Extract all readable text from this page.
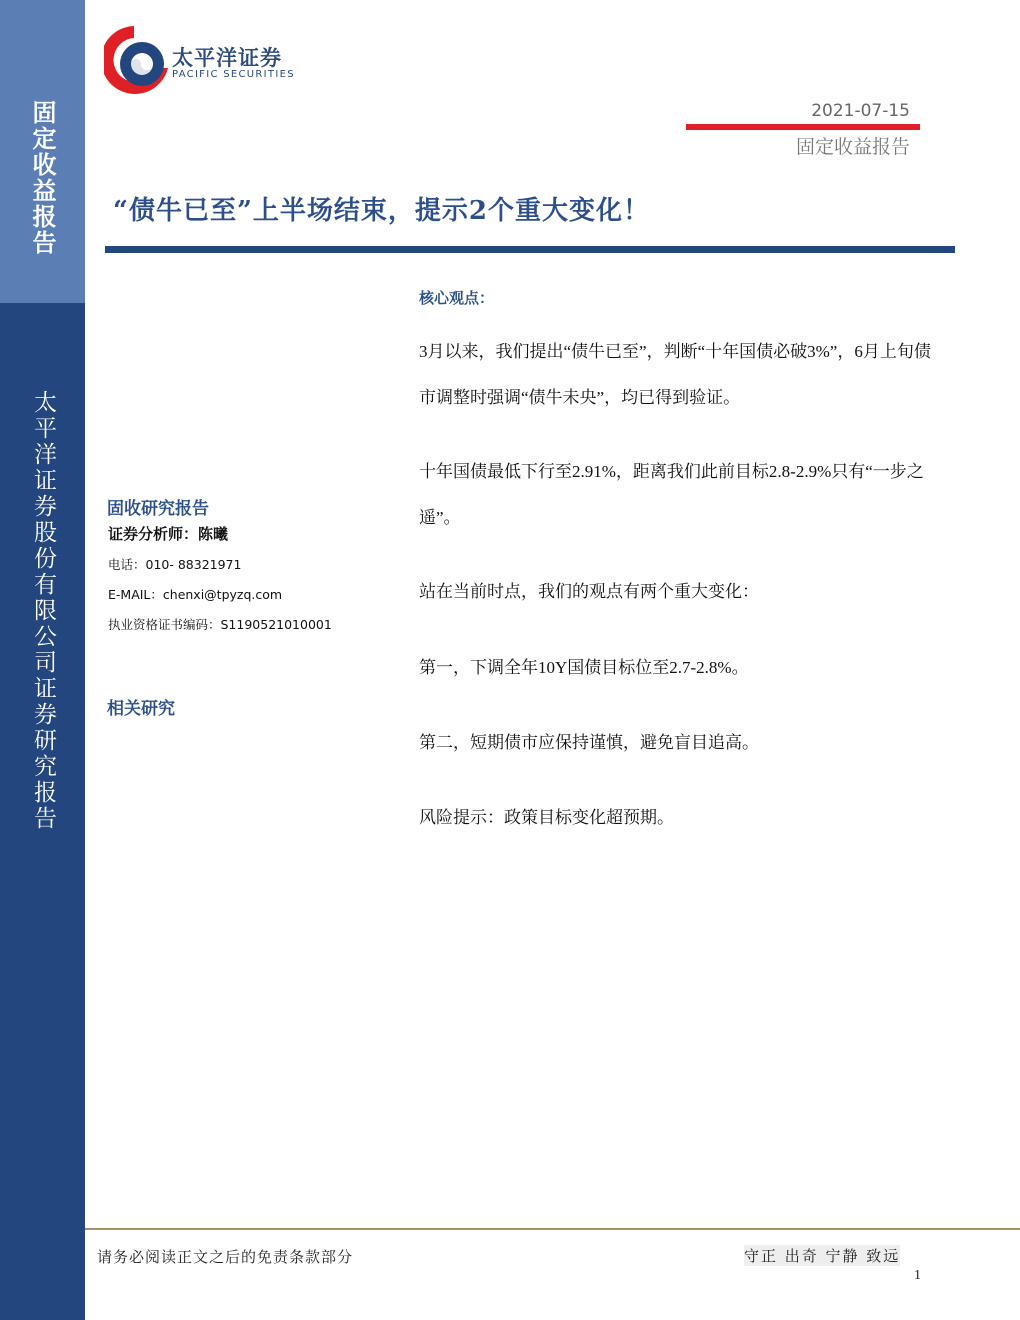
固定收益报告
太平洋证券股份有限公司证券研究报告
太平洋证券
PACIFIC SECURITIES
2021-07-15
固定收益报告
“债牛已至”上半场结束，提示2个重大变化！
核心观点：
3月以来，我们提出“债牛已至”，判断“十年国债必破3%”，6月上旬债市调整时强调“债牛未央”，均已得到验证。
十年国债最低下行至2.91%，距离我们此前目标2.8-2.9%只有“一步之遥”。
站在当前时点，我们的观点有两个重大变化：
第一，下调全年10Y国债目标位至2.7-2.8%。
第二，短期债市应保持谨慎，避免盲目追高。
风险提示：政策目标变化超预期。
固收研究报告
证券分析师：陈曦
电话：010- 88321971
E-MAIL：chenxi@tpyzq.com
执业资格证书编码：S1190521010001
相关研究
请务必阅读正文之后的免责条款部分	守正 出奇 宁静 致远
1
